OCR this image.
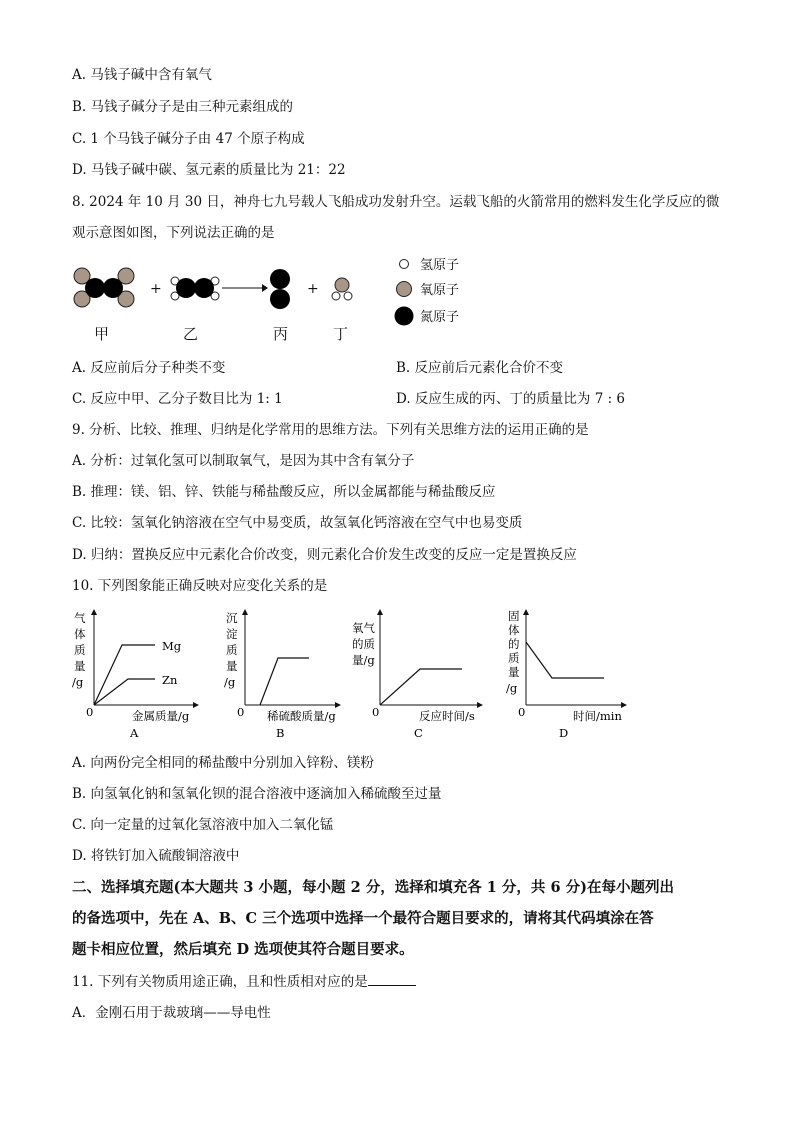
A. 马钱子碱中含有氧气
B. 马钱子碱分子是由三种元素组成的
C. 1 个马钱子碱分子由 47 个原子构成
D. 马钱子碱中碳、氢元素的质量比为 21：22
8. 2024 年 10 月 30 日，神舟七九号载人飞船成功发射升空。运载飞船的火箭常用的燃料发生化学反应的微
观示意图如图，下列说法正确的是
+	+
甲	乙	丙	丁
氢原子
氧原子
氮原子
A. 反应前后分子种类不变	B. 反应前后元素化合价不变
C. 反应中甲、乙分子数目比为 1: 1	D. 反应生成的丙、丁的质量比为 7 : 6
9. 分析、比较、推理、归纳是化学常用的思维方法。下列有关思维方法的运用正确的是
A. 分析：过氧化氢可以制取氧气，是因为其中含有氧分子
B. 推理：镁、铝、锌、铁能与稀盐酸反应，所以金属都能与稀盐酸反应
C. 比较：氢氧化钠溶液在空气中易变质，故氢氧化钙溶液在空气中也易变质
D. 归纳：置换反应中元素化合价改变，则元素化合价发生改变的反应一定是置换反应
10. 下列图象能正确反映对应变化关系的是
Mg
Zn
气
体
质
量
/g
0	金属质量/g
A
沉
淀
质
量
/g
0 稀硫酸质量/g
B
氧气
的质
量/g
0	反应时间/s
C
固
体
的
质
量
/g
0	时间/min
D
A. 向两份完全相同的稀盐酸中分别加入锌粉、镁粉
B. 向氢氧化钠和氢氧化钡的混合溶液中逐滴加入稀硫酸至过量
C. 向一定量的过氧化氢溶液中加入二氧化锰
D. 将铁钉加入硫酸铜溶液中
二、选择填充题(本大题共 3 小题，每小题 2 分，选择和填充各 1 分，共 6 分)在每小题列出
的备选项中，先在 A、B、C 三个选项中选择一个最符合题目要求的，请将其代码填涂在答
题卡相应位置，然后填充 D 选项使其符合题目要求。
11. 下列有关物质用途正确，且和性质相对应的是
A．金刚石用于裁玻璃——导电性
